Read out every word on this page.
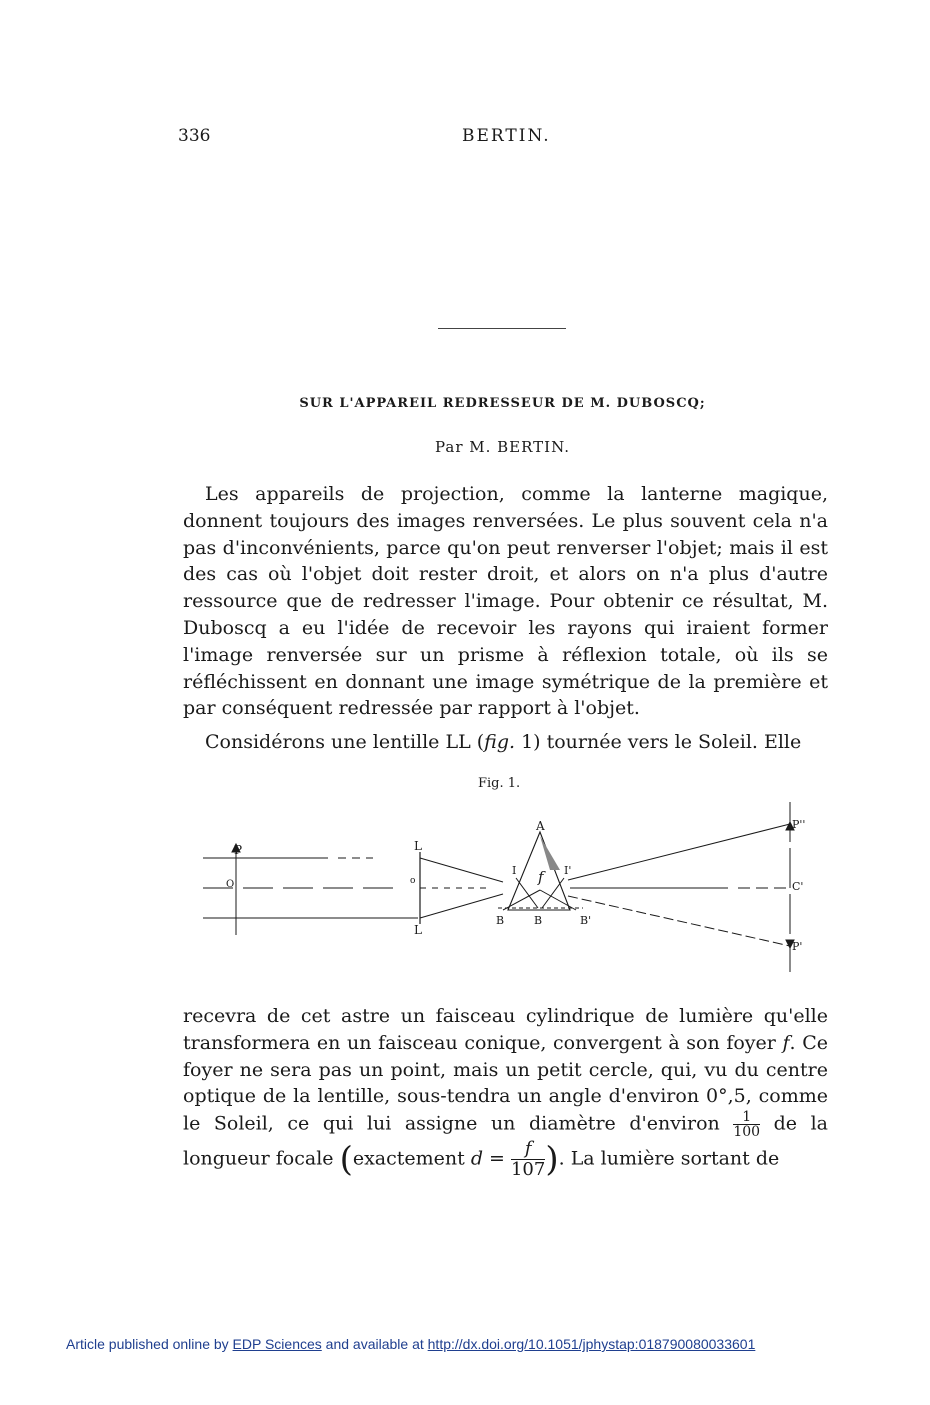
336	BERTIN.
SUR L'APPAREIL REDRESSEUR DE M. DUBOSCQ;
Par M. BERTIN.
Les appareils de projection, comme la lanterne magique, donnent toujours des images renversées. Le plus souvent cela n'a pas d'inconvénients, parce qu'on peut renverser l'objet; mais il est des cas où l'objet doit rester droit, et alors on n'a plus d'autre ressource que de redresser l'image. Pour obtenir ce résultat, M. Duboscq a eu l'idée de recevoir les rayons qui iraient former l'image renversée sur un prisme à réflexion totale, où ils se réfléchissent en donnant une image symétrique de la première et par conséquent redressée par rapport à l'objet.
Considérons une lentille LL (fig. 1) tournée vers le Soleil. Elle
Fig. 1.
P
O
L
L
o
A
I	I'
f
B	B	B'
P''
C'
P'
recevra de cet astre un faisceau cylindrique de lumière qu'elle transformera en un faisceau conique, convergent à son foyer f. Ce foyer ne sera pas un point, mais un petit cercle, qui, vu du centre optique de la lentille, sous-tendra un angle d'environ 0°,5, comme le Soleil, ce qui lui assigne un diamètre d'environ $\frac{1}{100}$ de la longueur focale (exactement $d = \frac{f}{107}$ ). La lumière sortant de
Article published online by EDP Sciences and available at http://dx.doi.org/10.1051/jphystap:018790080033601
